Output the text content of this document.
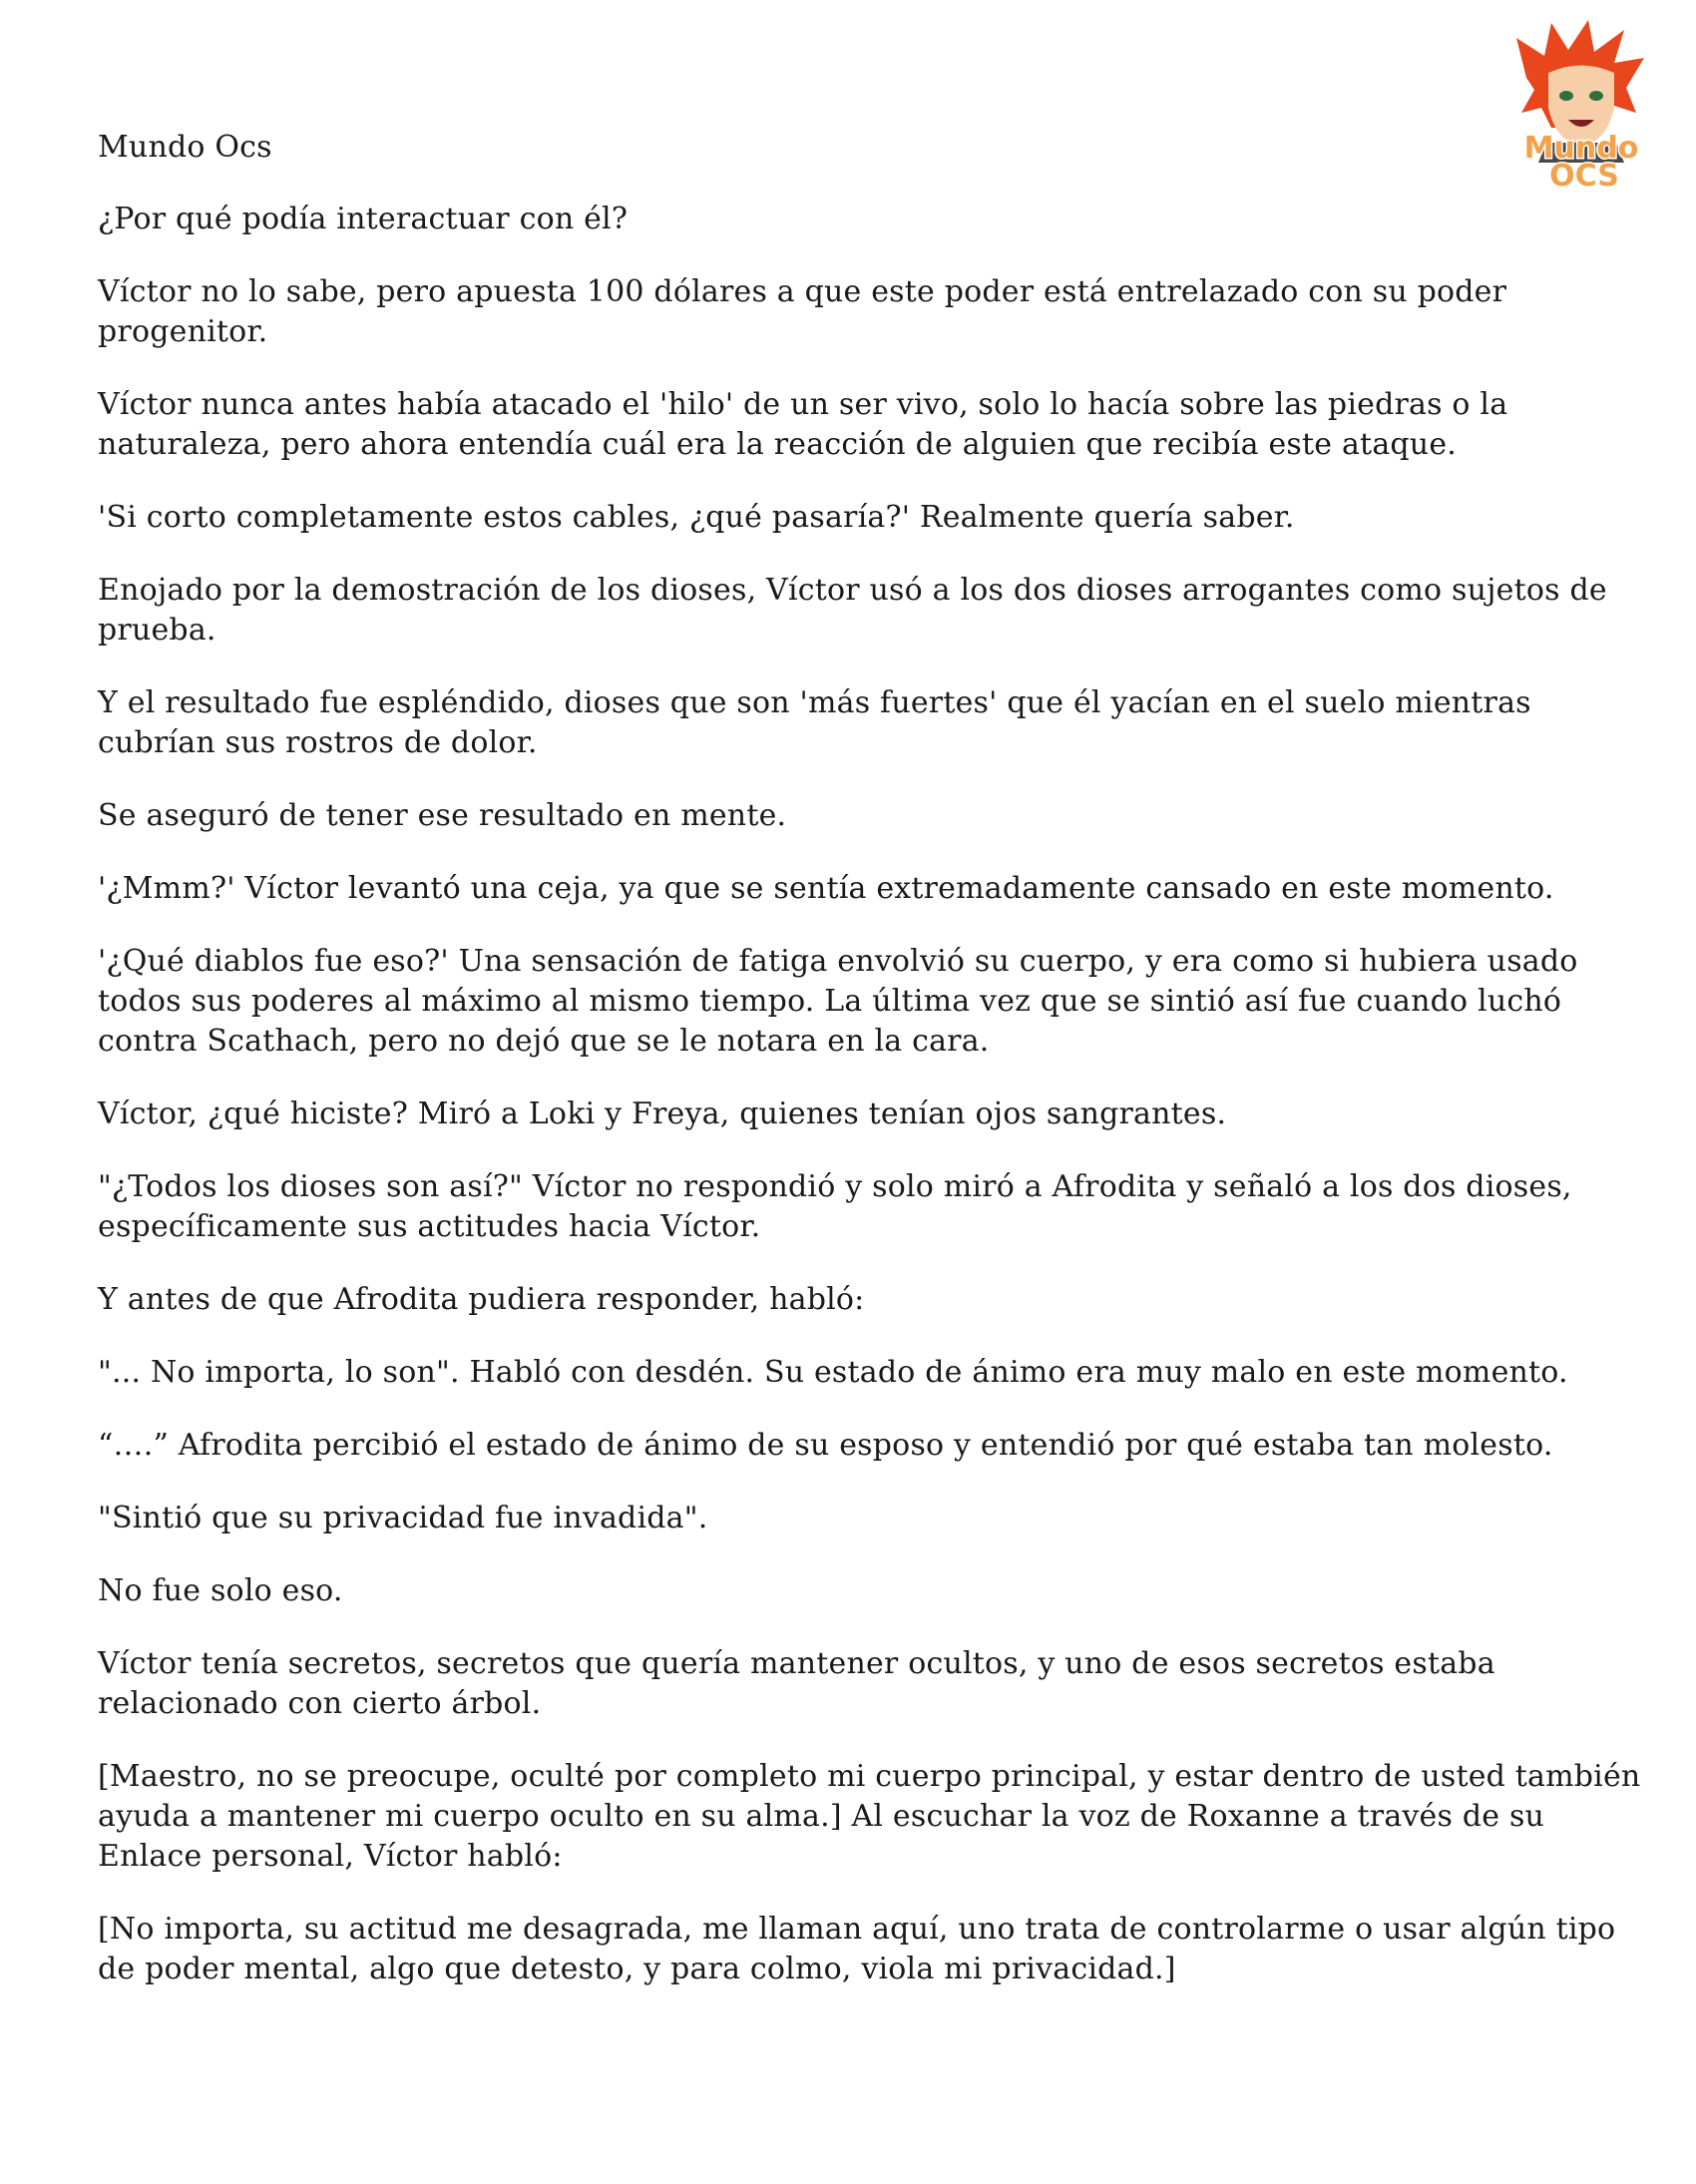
Mundo
OCS

Mundo Ocs

¿Por qué podía interactuar con él?

Víctor no lo sabe, pero apuesta 100 dólares a que este poder está entrelazado con su poder progenitor.

Víctor nunca antes había atacado el 'hilo' de un ser vivo, solo lo hacía sobre las piedras o la naturaleza, pero ahora entendía cuál era la reacción de alguien que recibía este ataque.

'Si corto completamente estos cables, ¿qué pasaría?' Realmente quería saber.

Enojado por la demostración de los dioses, Víctor usó a los dos dioses arrogantes como sujetos de prueba.

Y el resultado fue espléndido, dioses que son 'más fuertes' que él yacían en el suelo mientras cubrían sus rostros de dolor.

Se aseguró de tener ese resultado en mente.

'¿Mmm?' Víctor levantó una ceja, ya que se sentía extremadamente cansado en este momento.

'¿Qué diablos fue eso?' Una sensación de fatiga envolvió su cuerpo, y era como si hubiera usado todos sus poderes al máximo al mismo tiempo. La última vez que se sintió así fue cuando luchó contra Scathach, pero no dejó que se le notara en la cara.

Víctor, ¿qué hiciste? Miró a Loki y Freya, quienes tenían ojos sangrantes.

"¿Todos los dioses son así?" Víctor no respondió y solo miró a Afrodita y señaló a los dos dioses, específicamente sus actitudes hacia Víctor.

Y antes de que Afrodita pudiera responder, habló:

"... No importa, lo son". Habló con desdén. Su estado de ánimo era muy malo en este momento.

“….” Afrodita percibió el estado de ánimo de su esposo y entendió por qué estaba tan molesto.

"Sintió que su privacidad fue invadida".

No fue solo eso.

Víctor tenía secretos, secretos que quería mantener ocultos, y uno de esos secretos estaba relacionado con cierto árbol.

[Maestro, no se preocupe, oculté por completo mi cuerpo principal, y estar dentro de usted también ayuda a mantener mi cuerpo oculto en su alma.] Al escuchar la voz de Roxanne a través de su Enlace personal, Víctor habló:

[No importa, su actitud me desagrada, me llaman aquí, uno trata de controlarme o usar algún tipo de poder mental, algo que detesto, y para colmo, viola mi privacidad.]
